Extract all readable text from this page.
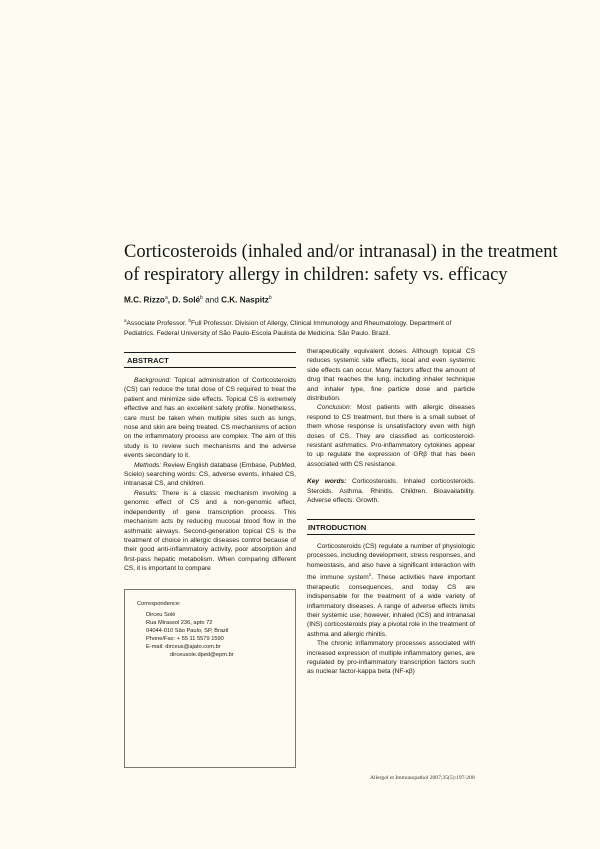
Corticosteroids (inhaled and/or intranasal) in the treatment
of respiratory allergy in children: safety vs. efficacy
M.C. Rizzo$^a$, D. Solé$^b$ and C.K. Naspitz$^b$

$^a$Associate Professor. $^b$Full Professor. Division of Allergy, Clinical Immunology and Rheumatology. Department of Pediatrics. Federal University of São Paulo-Escola Paulista de Medicina. São Paulo. Brazil.

ABSTRACT

Background: Topical administration of Corticosteroids (CS) can reduce the total dose of CS required to treat the patient and minimize side effects. Topical CS is extremely effective and has an excellent safety profile. Nonetheless, care must be taken when multiple sites such as lungs, nose and skin are being treated. CS mechanisms of action on the inflammatory process are complex. The aim of this study is to review such mechanisms and the adverse events secondary to it.

Methods: Review English database (Embase, PubMed, Scielo) searching words: CS, adverse events, inhaled CS, intranasal CS, and children.

Results: There is a classic mechanism involving a genomic effect of CS and a non-genomic effect, independently of gene transcription process. This mechanism acts by reducing mucosal blood flow in the asthmatic airways. Second-generation topical CS is the treatment of choice in allergic diseases control because of their good anti-inflammatory activity, poor absorption and first-pass hepatic metabolism. When comparing different CS, it is important to compare

Correspondence:
Dirceu Solé
Rua Mirassol 236, apto 72
04044-010 São Paulo, SP, Brazil
Phone/Fax: + 55 11 5579 1590
E-mail: dirceus@ajato.com.br
dirceusole.dped@epm.br

therapeutically equivalent doses. Although topical CS reduces systemic side effects, local and even systemic side effects can occur. Many factors affect the amount of drug that reaches the lung, including inhaler technique and inhaler type, fine particle dose and particle distribution.

Conclusion: Most patients with allergic diseases respond to CS treatment, but there is a small subset of them whose response is unsatisfactory even with high doses of CS. They are classified as corticosteroid-resistant asthmatics. Pro-inflammatory cytokines appear to up regulate the expression of GRβ that has been associated with CS resistance.

Key words: Corticosteroids. Inhaled corticosteroids. Steroids. Asthma. Rhinitis. Children. Bioavailability. Adverse effects. Growth.

INTRODUCTION

Corticosteroids (CS) regulate a number of physiologic processes, including development, stress responses, and homeostasis, and also have a significant interaction with the immune system$^1$. These activities have important therapeutic consequences, and today CS are indispensable for the treatment of a wide variety of inflammatory diseases. A range of adverse effects limits their systemic use; however, inhaled (ICS) and intranasal (INS) corticosteroids play a pivotal role in the treatment of asthma and allergic rhinitis.

The chronic inflammatory processes associated with increased expression of multiple inflammatory genes, are regulated by pro-inflammatory transcription factors such as nuclear factor-kappa beta (NF-κβ)

Allergol et Immunopathol 2007;35(5):197-208
